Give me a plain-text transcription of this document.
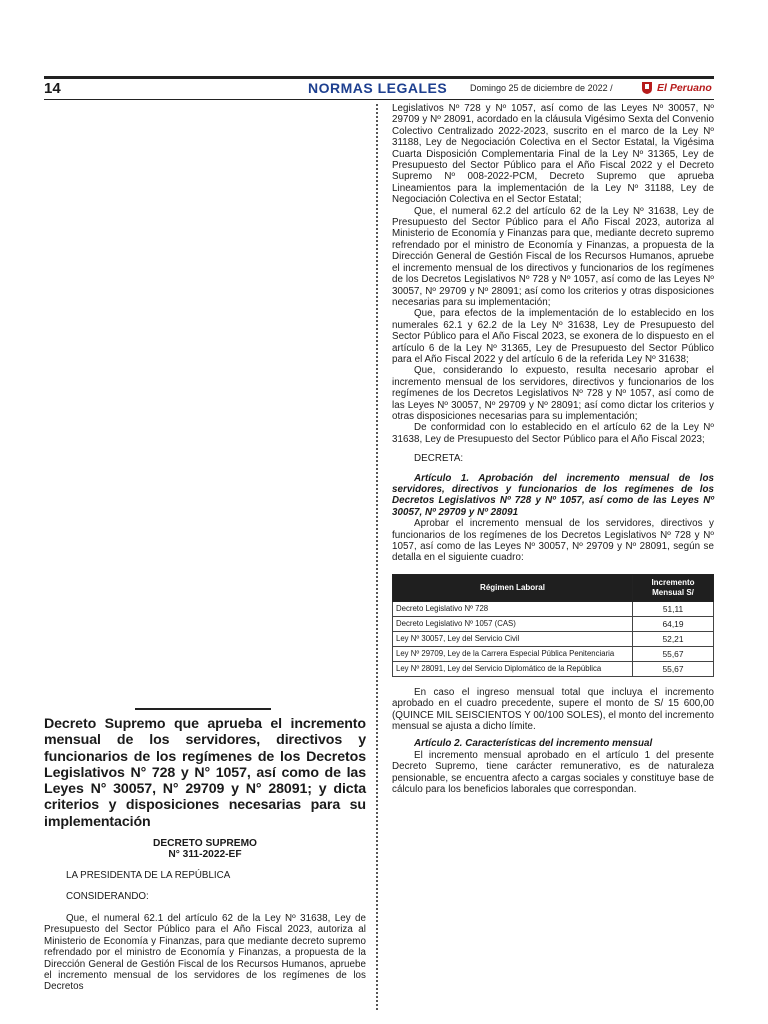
14	NORMAS LEGALES	Domingo 25 de diciembre de 2022 /	El Peruano

Legislativos Nº 728 y Nº 1057, así como de las Leyes Nº 30057, Nº 29709 y Nº 28091, acordado en la cláusula Vigésimo Sexta del Convenio Colectivo Centralizado 2022-2023, suscrito en el marco de la Ley Nº 31188, Ley de Negociación Colectiva en el Sector Estatal, la Vigésima Cuarta Disposición Complementaria Final de la Ley Nº 31365, Ley de Presupuesto del Sector Público para el Año Fiscal 2022 y el Decreto Supremo Nº 008-2022-PCM, Decreto Supremo que aprueba Lineamientos para la implementación de la Ley Nº 31188, Ley de Negociación Colectiva en el Sector Estatal;

Que, el numeral 62.2 del artículo 62 de la Ley Nº 31638, Ley de Presupuesto del Sector Público para el Año Fiscal 2023, autoriza al Ministerio de Economía y Finanzas para que, mediante decreto supremo refrendado por el ministro de Economía y Finanzas, a propuesta de la Dirección General de Gestión Fiscal de los Recursos Humanos, apruebe el incremento mensual de los directivos y funcionarios de los regímenes de los Decretos Legislativos Nº 728 y Nº 1057, así como de las Leyes Nº 30057, Nº 29709 y Nº 28091; así como los criterios y otras disposiciones necesarias para su implementación;

Que, para efectos de la implementación de lo establecido en los numerales 62.1 y 62.2 de la Ley Nº 31638, Ley de Presupuesto del Sector Público para el Año Fiscal 2023, se exonera de lo dispuesto en el artículo 6 de la Ley Nº 31365, Ley de Presupuesto del Sector Público para el Año Fiscal 2022 y del artículo 6 de la referida Ley Nº 31638;

Que, considerando lo expuesto, resulta necesario aprobar el incremento mensual de los servidores, directivos y funcionarios de los regímenes de los Decretos Legislativos Nº 728 y Nº 1057, así como de las Leyes Nº 30057, Nº 29709 y Nº 28091; así como dictar los criterios y otras disposiciones necesarias para su implementación;

De conformidad con lo establecido en el artículo 62 de la Ley Nº 31638, Ley de Presupuesto del Sector Público para el Año Fiscal 2023;

DECRETA:

Artículo 1. Aprobación del incremento mensual de los servidores, directivos y funcionarios de los regímenes de los Decretos Legislativos Nº 728 y Nº 1057, así como de las Leyes Nº 30057, Nº 29709 y Nº 28091

Aprobar el incremento mensual de los servidores, directivos y funcionarios de los regímenes de los Decretos Legislativos Nº 728 y Nº 1057, así como de las Leyes Nº 30057, Nº 29709 y Nº 28091, según se detalla en el siguiente cuadro:

Régimen Laboral	Incremento Mensual S/
Decreto Legislativo Nº 728	51,11
Decreto Legislativo Nº 1057 (CAS)	64,19
Ley Nº 30057, Ley del Servicio Civil	52,21
Ley Nº 29709, Ley de la Carrera Especial Pública Penitenciaria	55,67
Ley Nº 28091, Ley del Servicio Diplomático de la República	55,67

En caso el ingreso mensual total que incluya el incremento aprobado en el cuadro precedente, supere el monto de S/ 15 600,00 (QUINCE MIL SEISCIENTOS Y 00/100 SOLES), el monto del incremento mensual se ajusta a dicho límite.

Artículo 2. Características del incremento mensual

El incremento mensual aprobado en el artículo 1 del presente Decreto Supremo, tiene carácter remunerativo, es de naturaleza pensionable, se encuentra afecto a cargas sociales y constituye base de cálculo para los beneficios laborales que correspondan.

Decreto Supremo que aprueba el incremento mensual de los servidores, directivos y funcionarios de los regímenes de los Decretos Legislativos N° 728 y N° 1057, así como de las Leyes N° 30057, N° 29709 y N° 28091; y dicta criterios y disposiciones necesarias para su implementación

DECRETO SUPREMO
N° 311-2022-EF

LA PRESIDENTA DE LA REPÚBLICA

CONSIDERANDO:

Que, el numeral 62.1 del artículo 62 de la Ley Nº 31638, Ley de Presupuesto del Sector Público para el Año Fiscal 2023, autoriza al Ministerio de Economía y Finanzas, para que mediante decreto supremo refrendado por el ministro de Economía y Finanzas, a propuesta de la Dirección General de Gestión Fiscal de los Recursos Humanos, apruebe el incremento mensual de los servidores de los regímenes de los Decretos
